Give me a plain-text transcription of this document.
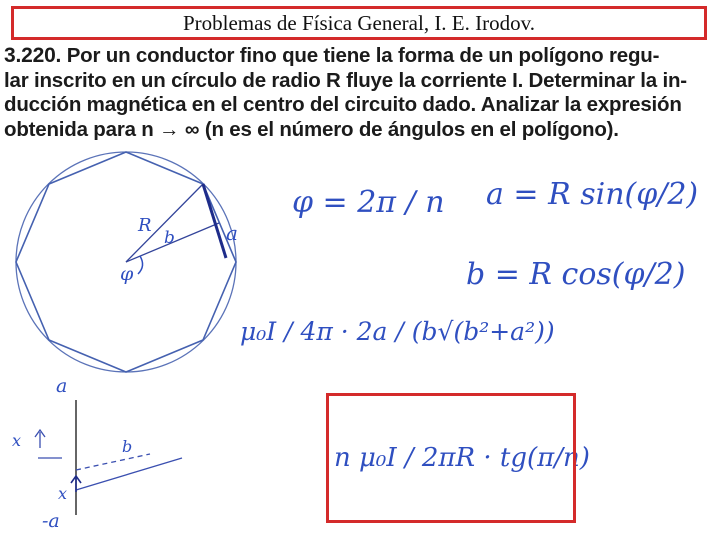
Problemas de Física General, I. E. Irodov.
3.220. Por un conductor fino que tiene la forma de un polígono regu-
lar inscrito en un círculo de radio R fluye la corriente I. Determinar la in-
ducción magnética en el centro del circuito dado. Analizar la expresión
obtenida para n → ∞ (n es el número de ángulos en el polígono).
R
b	a
φ
a
-a
x
x
b
φ = 2π / n a = R sin(φ/2)
b = R cos(φ/2)
μ₀I / 4π · 2a / (b√(b²+a²))
n μ₀I / 2πR · tg(π/n)
